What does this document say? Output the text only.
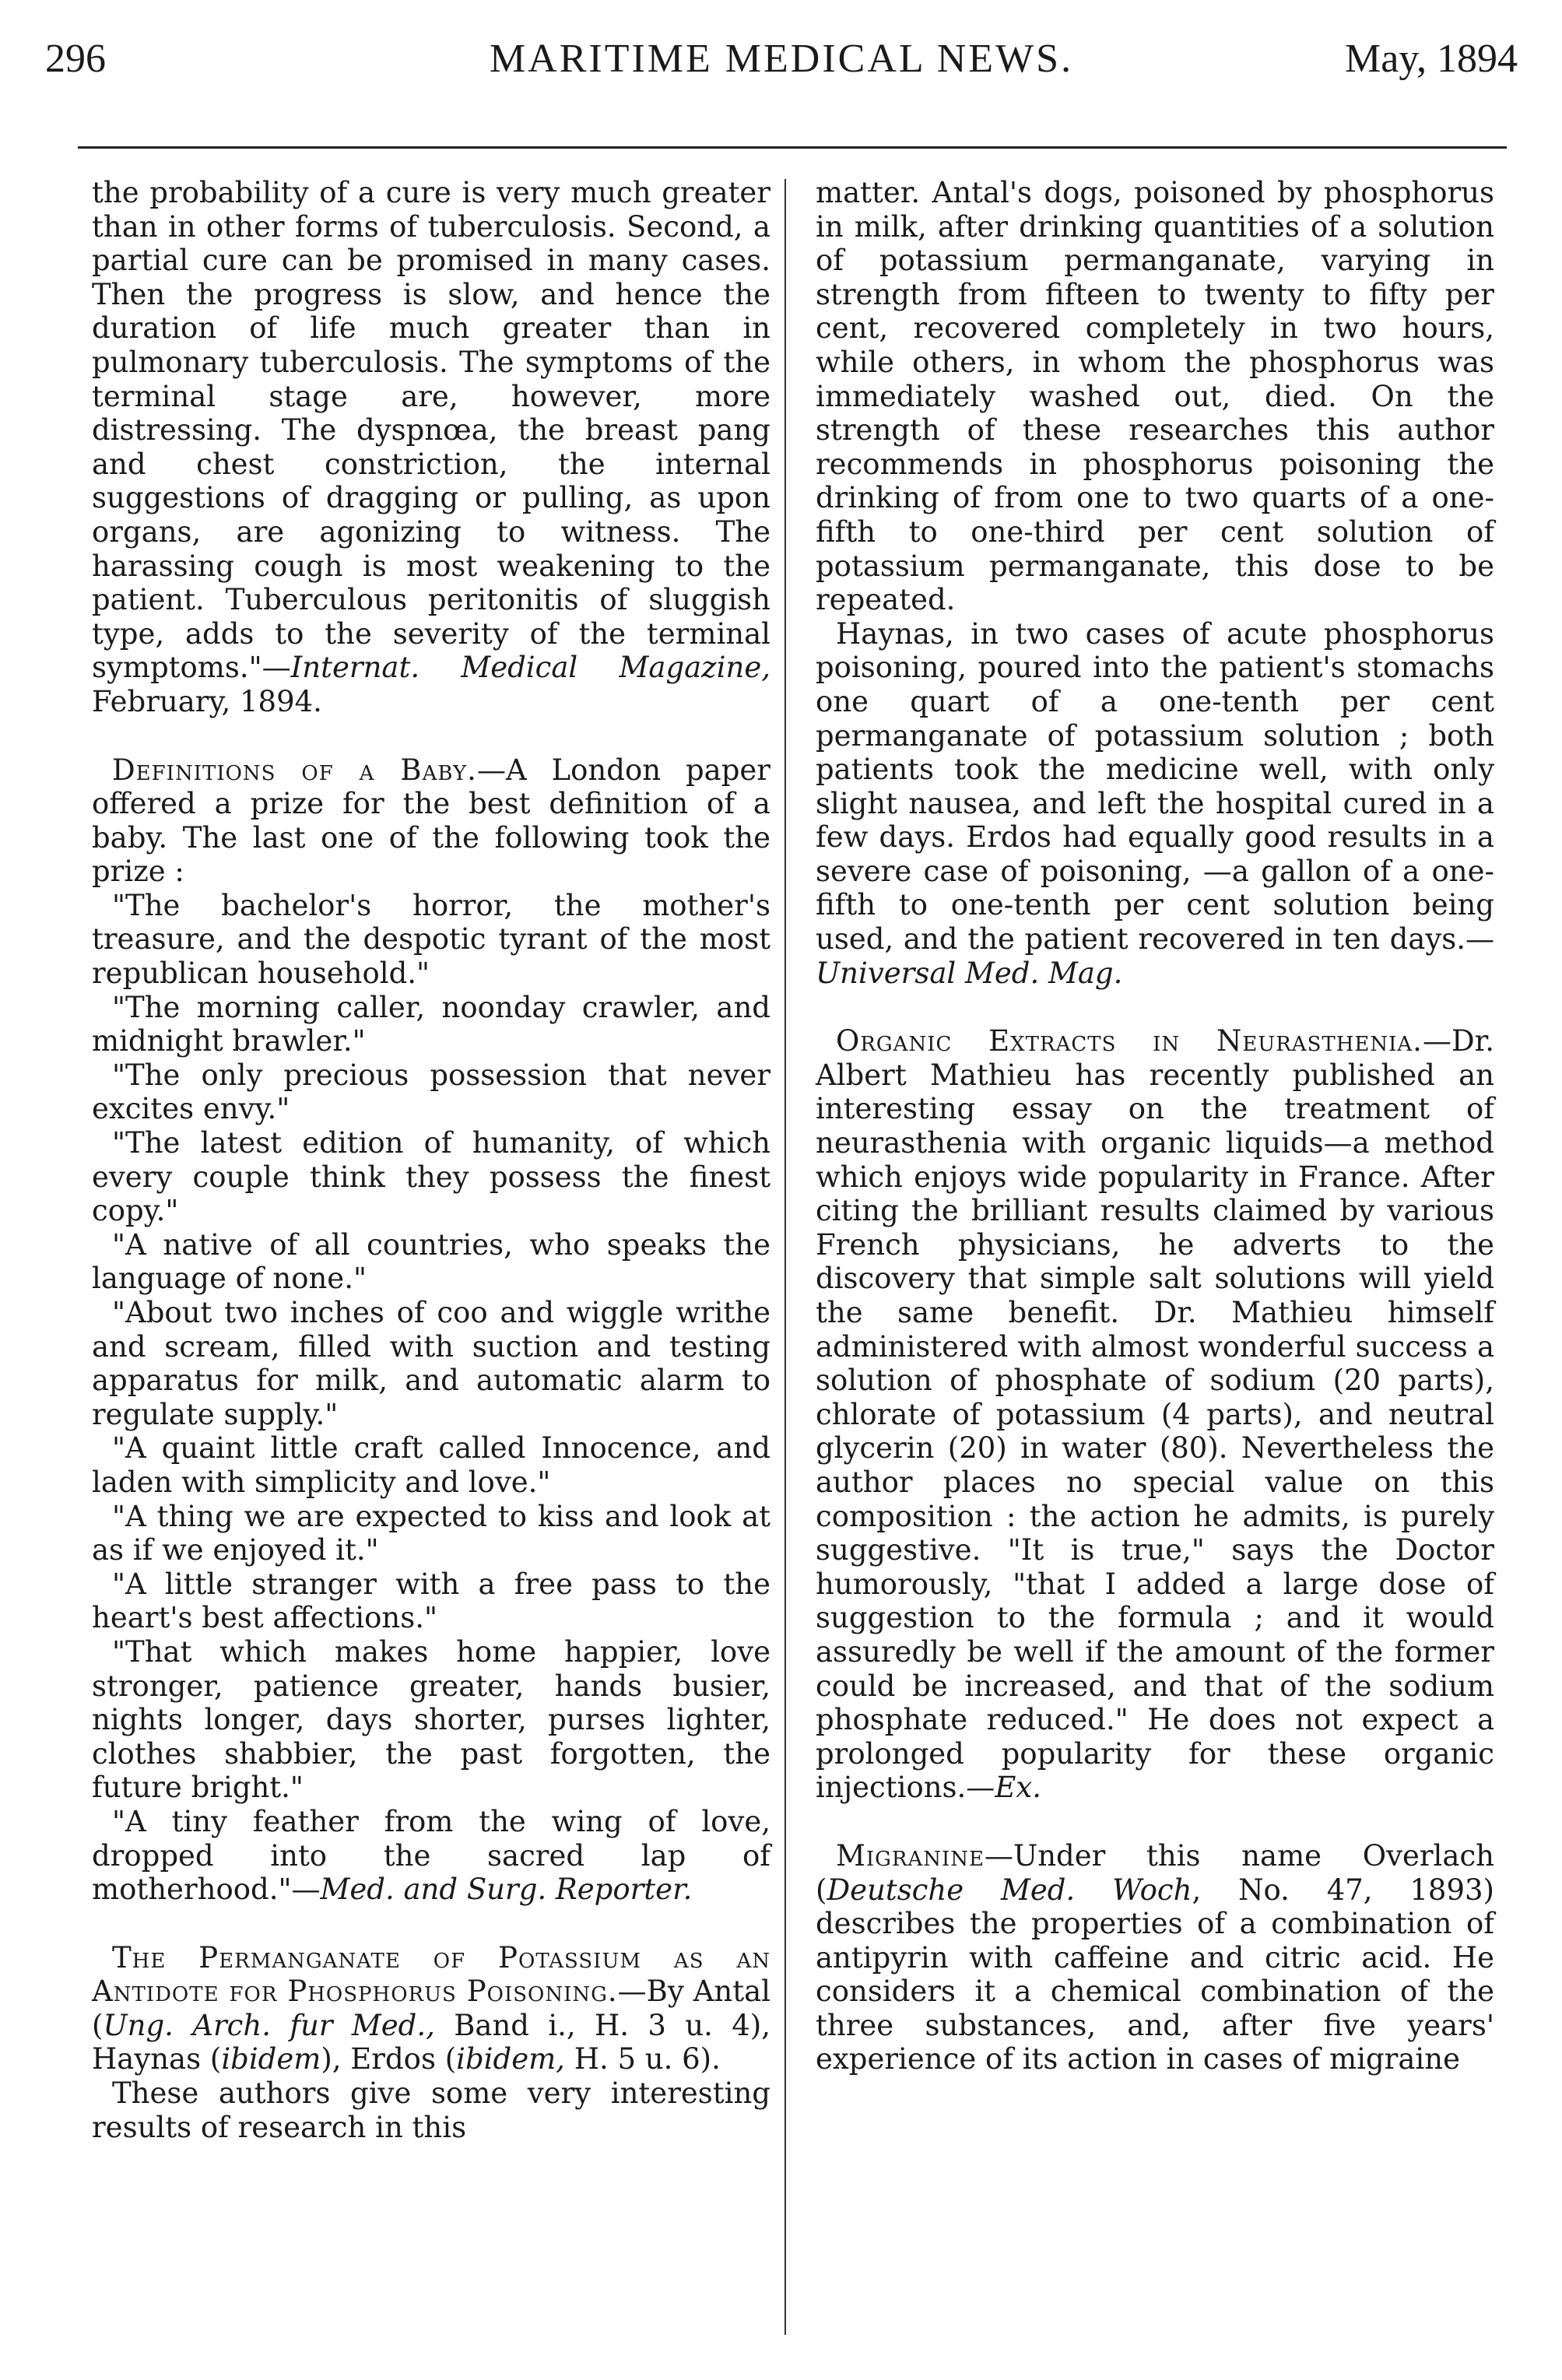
296	MARITIME MEDICAL NEWS.	May, 1894

the probability of a cure is very much greater than in other forms of tuberculosis. Second, a partial cure can be promised in many cases. Then the progress is slow, and hence the duration of life much greater than in pulmonary tuberculosis. The symptoms of the terminal stage are, however, more distressing. The dyspnœa, the breast pang and chest constriction, the internal suggestions of dragging or pulling, as upon organs, are agonizing to witness. The harassing cough is most weakening to the patient. Tuberculous peritonitis of sluggish type, adds to the severity of the terminal symptoms."—Internat. Medical Magazine, February, 1894.

Definitions of a Baby.—A London paper offered a prize for the best definition of a baby. The last one of the following took the prize :

"The bachelor's horror, the mother's treasure, and the despotic tyrant of the most republican household."

"The morning caller, noonday crawler, and midnight brawler."

"The only precious possession that never excites envy."

"The latest edition of humanity, of which every couple think they possess the finest copy."

"A native of all countries, who speaks the language of none."

"About two inches of coo and wiggle writhe and scream, filled with suction and testing apparatus for milk, and automatic alarm to regulate supply."

"A quaint little craft called Innocence, and laden with simplicity and love."

"A thing we are expected to kiss and look at as if we enjoyed it."

"A little stranger with a free pass to the heart's best affections."

"That which makes home happier, love stronger, patience greater, hands busier, nights longer, days shorter, purses lighter, clothes shabbier, the past forgotten, the future bright."

"A tiny feather from the wing of love, dropped into the sacred lap of motherhood."—Med. and Surg. Reporter.

The Permanganate of Potassium as an Antidote for Phosphorus Poisoning.—By Antal (Ung. Arch. fur Med., Band i., H. 3 u. 4), Haynas (ibidem), Erdos (ibidem, H. 5 u. 6).

These authors give some very interesting results of research in this

matter. Antal's dogs, poisoned by phosphorus in milk, after drinking quantities of a solution of potassium permanganate, varying in strength from fifteen to twenty to fifty per cent, recovered completely in two hours, while others, in whom the phosphorus was immediately washed out, died. On the strength of these researches this author recommends in phosphorus poisoning the drinking of from one to two quarts of a one-fifth to one-third per cent solution of potassium permanganate, this dose to be repeated.

Haynas, in two cases of acute phosphorus poisoning, poured into the patient's stomachs one quart of a one-tenth per cent permanganate of potassium solution ; both patients took the medicine well, with only slight nausea, and left the hospital cured in a few days. Erdos had equally good results in a severe case of poisoning, —a gallon of a one-fifth to one-tenth per cent solution being used, and the patient recovered in ten days.—Universal Med. Mag.

Organic Extracts in Neurasthenia.—Dr. Albert Mathieu has recently published an interesting essay on the treatment of neurasthenia with organic liquids—a method which enjoys wide popularity in France. After citing the brilliant results claimed by various French physicians, he adverts to the discovery that simple salt solutions will yield the same benefit. Dr. Mathieu himself administered with almost wonderful success a solution of phosphate of sodium (20 parts), chlorate of potassium (4 parts), and neutral glycerin (20) in water (80). Nevertheless the author places no special value on this composition : the action he admits, is purely suggestive. "It is true," says the Doctor humorously, "that I added a large dose of suggestion to the formula ; and it would assuredly be well if the amount of the former could be increased, and that of the sodium phosphate reduced." He does not expect a prolonged popularity for these organic injections.—Ex.

Migranine—Under this name Overlach (Deutsche Med. Woch, No. 47, 1893) describes the properties of a combination of antipyrin with caffeine and citric acid. He considers it a chemical combination of the three substances, and, after five years' experience of its action in cases of migraine
